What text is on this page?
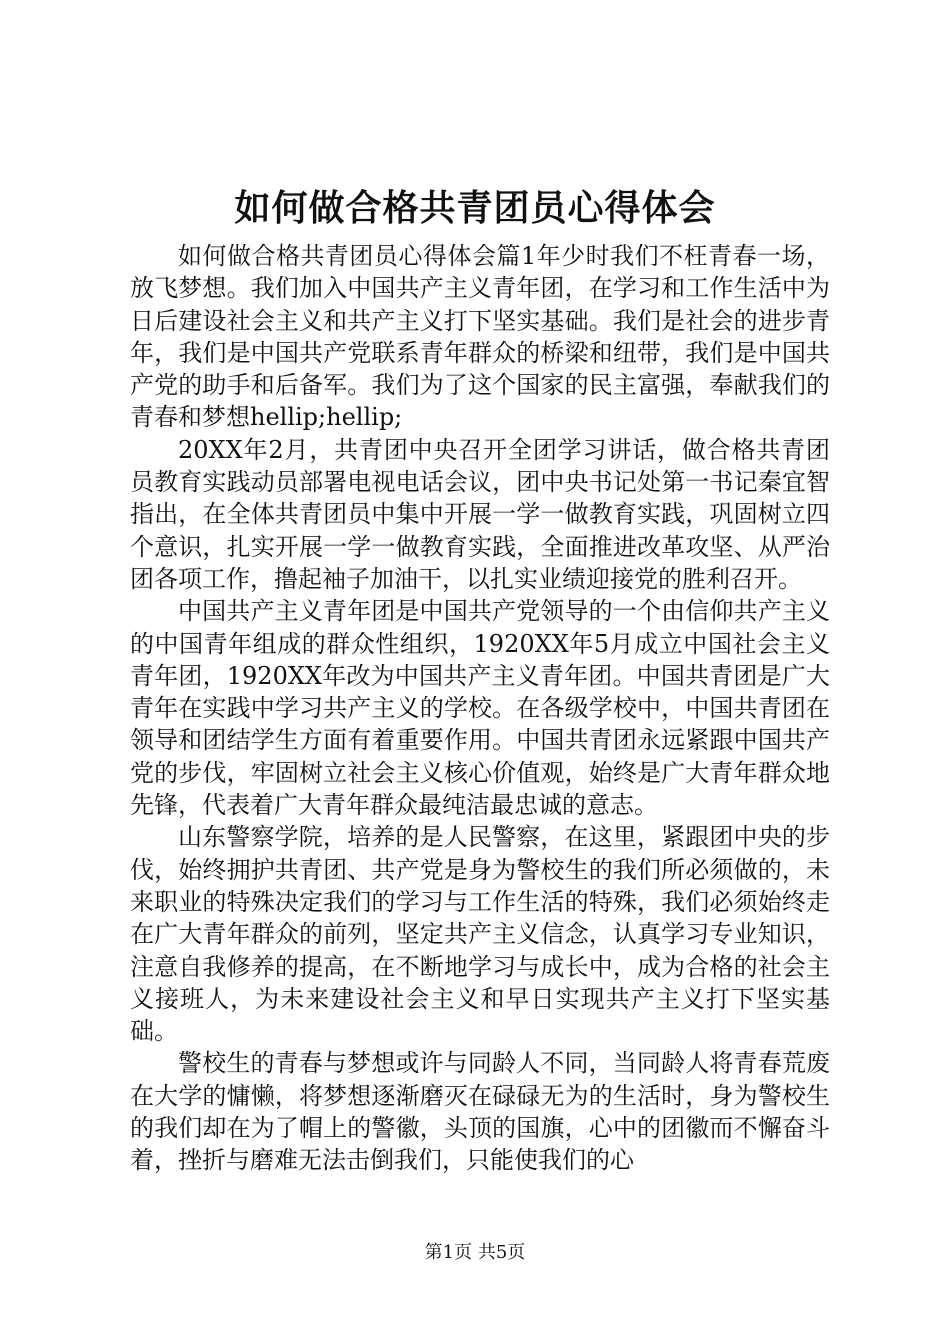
如何做合格共青团员心得体会

如何做合格共青团员心得体会篇1年少时我们不枉青春一场，放飞梦想。我们加入中国共产主义青年团，在学习和工作生活中为日后建设社会主义和共产主义打下坚实基础。我们是社会的进步青年，我们是中国共产党联系青年群众的桥梁和纽带，我们是中国共产党的助手和后备军。我们为了这个国家的民主富强，奉献我们的青春和梦想hellip;hellip;

20XX年2月，共青团中央召开全团学习讲话，做合格共青团员教育实践动员部署电视电话会议，团中央书记处第一书记秦宜智指出，在全体共青团员中集中开展一学一做教育实践，巩固树立四个意识，扎实开展一学一做教育实践，全面推进改革攻坚、从严治团各项工作，撸起袖子加油干，以扎实业绩迎接党的胜利召开。

中国共产主义青年团是中国共产党领导的一个由信仰共产主义的中国青年组成的群众性组织，1920XX年5月成立中国社会主义青年团，1920XX年改为中国共产主义青年团。中国共青团是广大青年在实践中学习共产主义的学校。在各级学校中，中国共青团在领导和团结学生方面有着重要作用。中国共青团永远紧跟中国共产党的步伐，牢固树立社会主义核心价值观，始终是广大青年群众地先锋，代表着广大青年群众最纯洁最忠诚的意志。

山东警察学院，培养的是人民警察，在这里，紧跟团中央的步伐，始终拥护共青团、共产党是身为警校生的我们所必须做的，未来职业的特殊决定我们的学习与工作生活的特殊，我们必须始终走在广大青年群众的前列，坚定共产主义信念，认真学习专业知识，注意自我修养的提高，在不断地学习与成长中，成为合格的社会主义接班人，为未来建设社会主义和早日实现共产主义打下坚实基础。

警校生的青春与梦想或许与同龄人不同，当同龄人将青春荒废在大学的慵懒，将梦想逐渐磨灭在碌碌无为的生活时，身为警校生的我们却在为了帽上的警徽，头顶的国旗，心中的团徽而不懈奋斗着，挫折与磨难无法击倒我们，只能使我们的心

第1页 共5页
